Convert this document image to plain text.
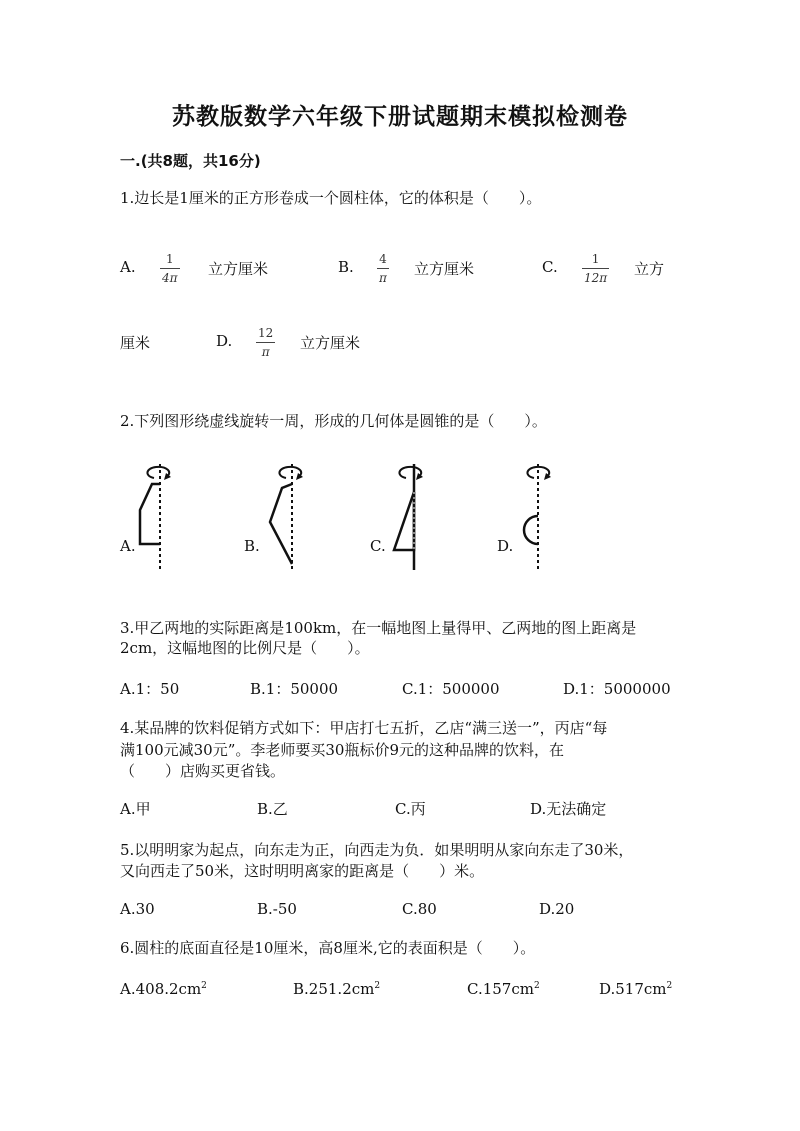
苏教版数学六年级下册试题期末模拟检测卷
一.(共8题，共16分)
1.边长是1厘米的正方形卷成一个圆柱体，它的体积是（　　）。
A.	1
4π 立方厘米	B. 4
π 立方厘米	C.	1
12π 立方
厘米	D. 12
π 立方厘米
2.下列图形绕虚线旋转一周，形成的几何体是圆锥的是（　　）。
A.	B.	C.	D.
3.甲乙两地的实际距离是100km，在一幅地图上量得甲、乙两地的图上距离是
2cm，这幅地图的比例尺是（　　）。
A.1：50	B.1：50000	C.1：500000	D.1：5000000
4.某品牌的饮料促销方式如下：甲店打七五折，乙店“满三送一”，丙店“每
满100元减30元”。李老师要买30瓶标价9元的这种品牌的饮料，在
（　　）店购买更省钱。
A.甲	B.乙	C.丙	D.无法确定
5.以明明家为起点，向东走为正，向西走为负．如果明明从家向东走了30米，
又向西走了50米，这时明明离家的距离是（　　）米。
A.30	B.-50	C.80	D.20
6.圆柱的底面直径是10厘米，高8厘米,它的表面积是（　　）。
$A.408.2cm^2$	$B.251.2cm^2$	$C.157cm^2$	$D.517cm^2$
